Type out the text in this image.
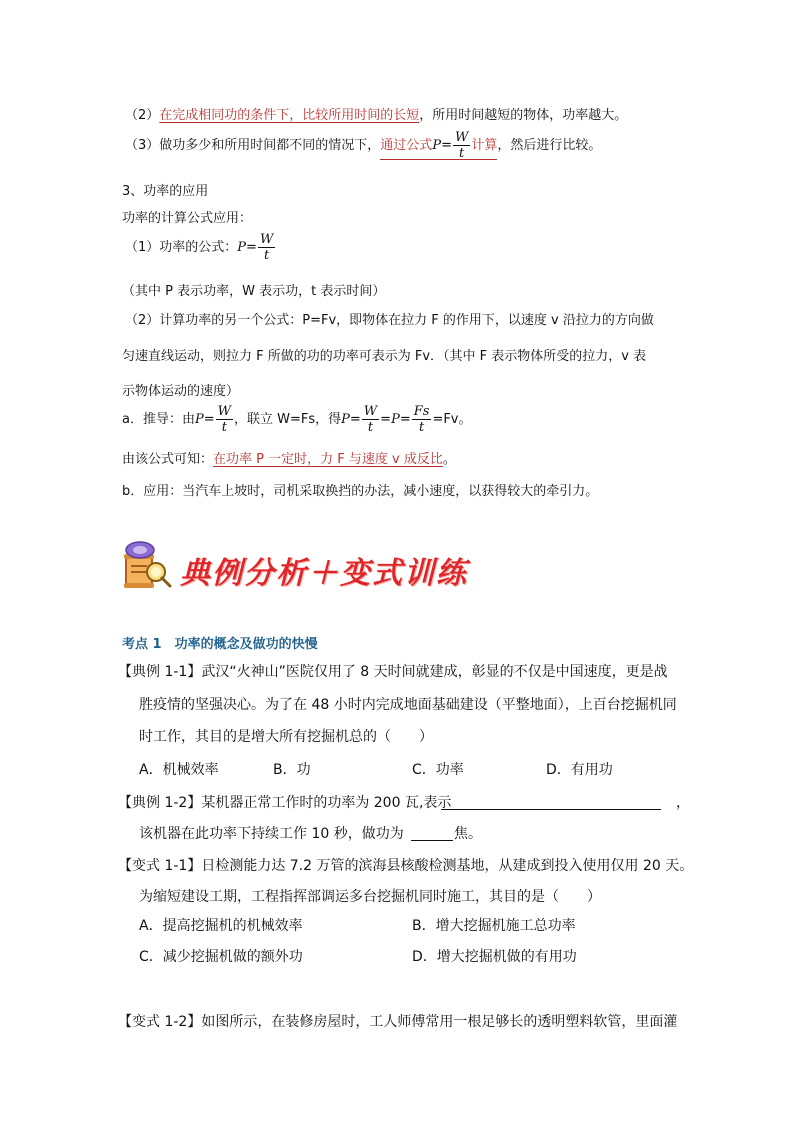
（2）在完成相同功的条件下，比较所用时间的长短，所用时间越短的物体，功率越大。
（3）做功多少和所用时间都不同的情况下，通过公式$P= \frac{W}{t}$ 计算，然后进行比较。
3、功率的应用
功率的计算公式应用：
（1）功率的公式：$P= \frac{W}{t}$
（其中 P 表示功率，W 表示功，t 表示时间）
（2）计算功率的另一个公式：P=Fv，即物体在拉力 F 的作用下，以速度 v 沿拉力的方向做
匀速直线运动，则拉力 F 所做的功的功率可表示为 Fv．（其中 F 表示物体所受的拉力，v 表
示物体运动的速度）
a．推导：由$P= \frac{W}{t}$ ，联立 W=Fs，得$P= \frac{W}{t} =P= \frac{Fs}{t} =Fv$。
由该公式可知：在功率 P 一定时，力 F 与速度 v 成反比。
b．应用：当汽车上坡时，司机采取换挡的办法，减小速度，以获得较大的牵引力。
典例分析＋变式训练
考点 1　功率的概念及做功的快慢
【典例 1-1】武汉“火神山”医院仅用了 8 天时间就建成，彰显的不仅是中国速度，更是战
胜疫情的坚强决心。为了在 48 小时内完成地面基础建设（平整地面），上百台挖掘机同
时工作，其目的是增大所有挖掘机总的（　　）
A．机械效率	B．功	C．功率	D．有用功
【典例 1-2】某机器正常工作时的功率为 200 瓦,表示	，
该机器在此功率下持续工作 10 秒，做功为	焦。
【变式 1-1】日检测能力达 7.2 万管的滨海县核酸检测基地，从建成到投入使用仅用 20 天。
为缩短建设工期，工程指挥部调运多台挖掘机同时施工，其目的是（　　）
A．提高挖掘机的机械效率	B．增大挖掘机施工总功率
C．减少挖掘机做的额外功	D．增大挖掘机做的有用功
【变式 1-2】如图所示，在装修房屋时，工人师傅常用一根足够长的透明塑料软管，里面灌
